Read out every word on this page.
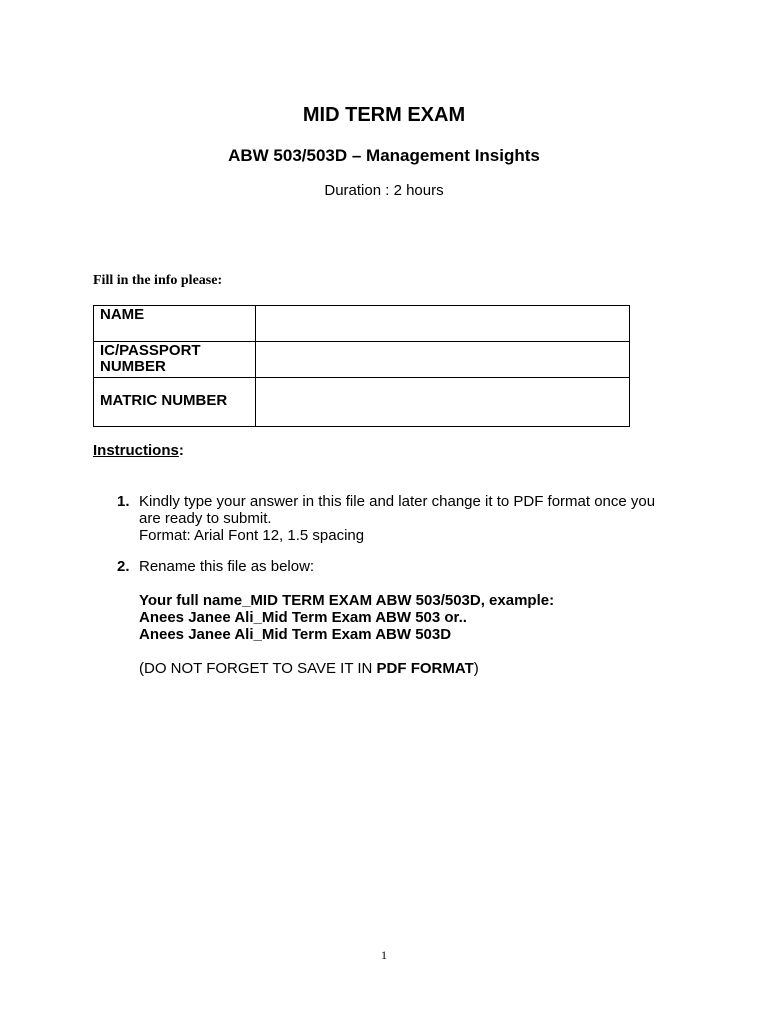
MID TERM EXAM
ABW 503/503D – Management Insights
Duration : 2 hours
Fill in the info please:
NAME	

IC/PASSPORT
NUMBER	

MATRIC NUMBER	
Instructions:
1. Kindly type your answer in this file and later change it to PDF format once you
are ready to submit.
Format: Arial Font 12, 1.5 spacing
2. Rename this file as below:
Your full name_MID TERM EXAM ABW 503/503D, example:
Anees Janee Ali_Mid Term Exam ABW 503 or..
Anees Janee Ali_Mid Term Exam ABW 503D
(DO NOT FORGET TO SAVE IT IN PDF FORMAT)
1
